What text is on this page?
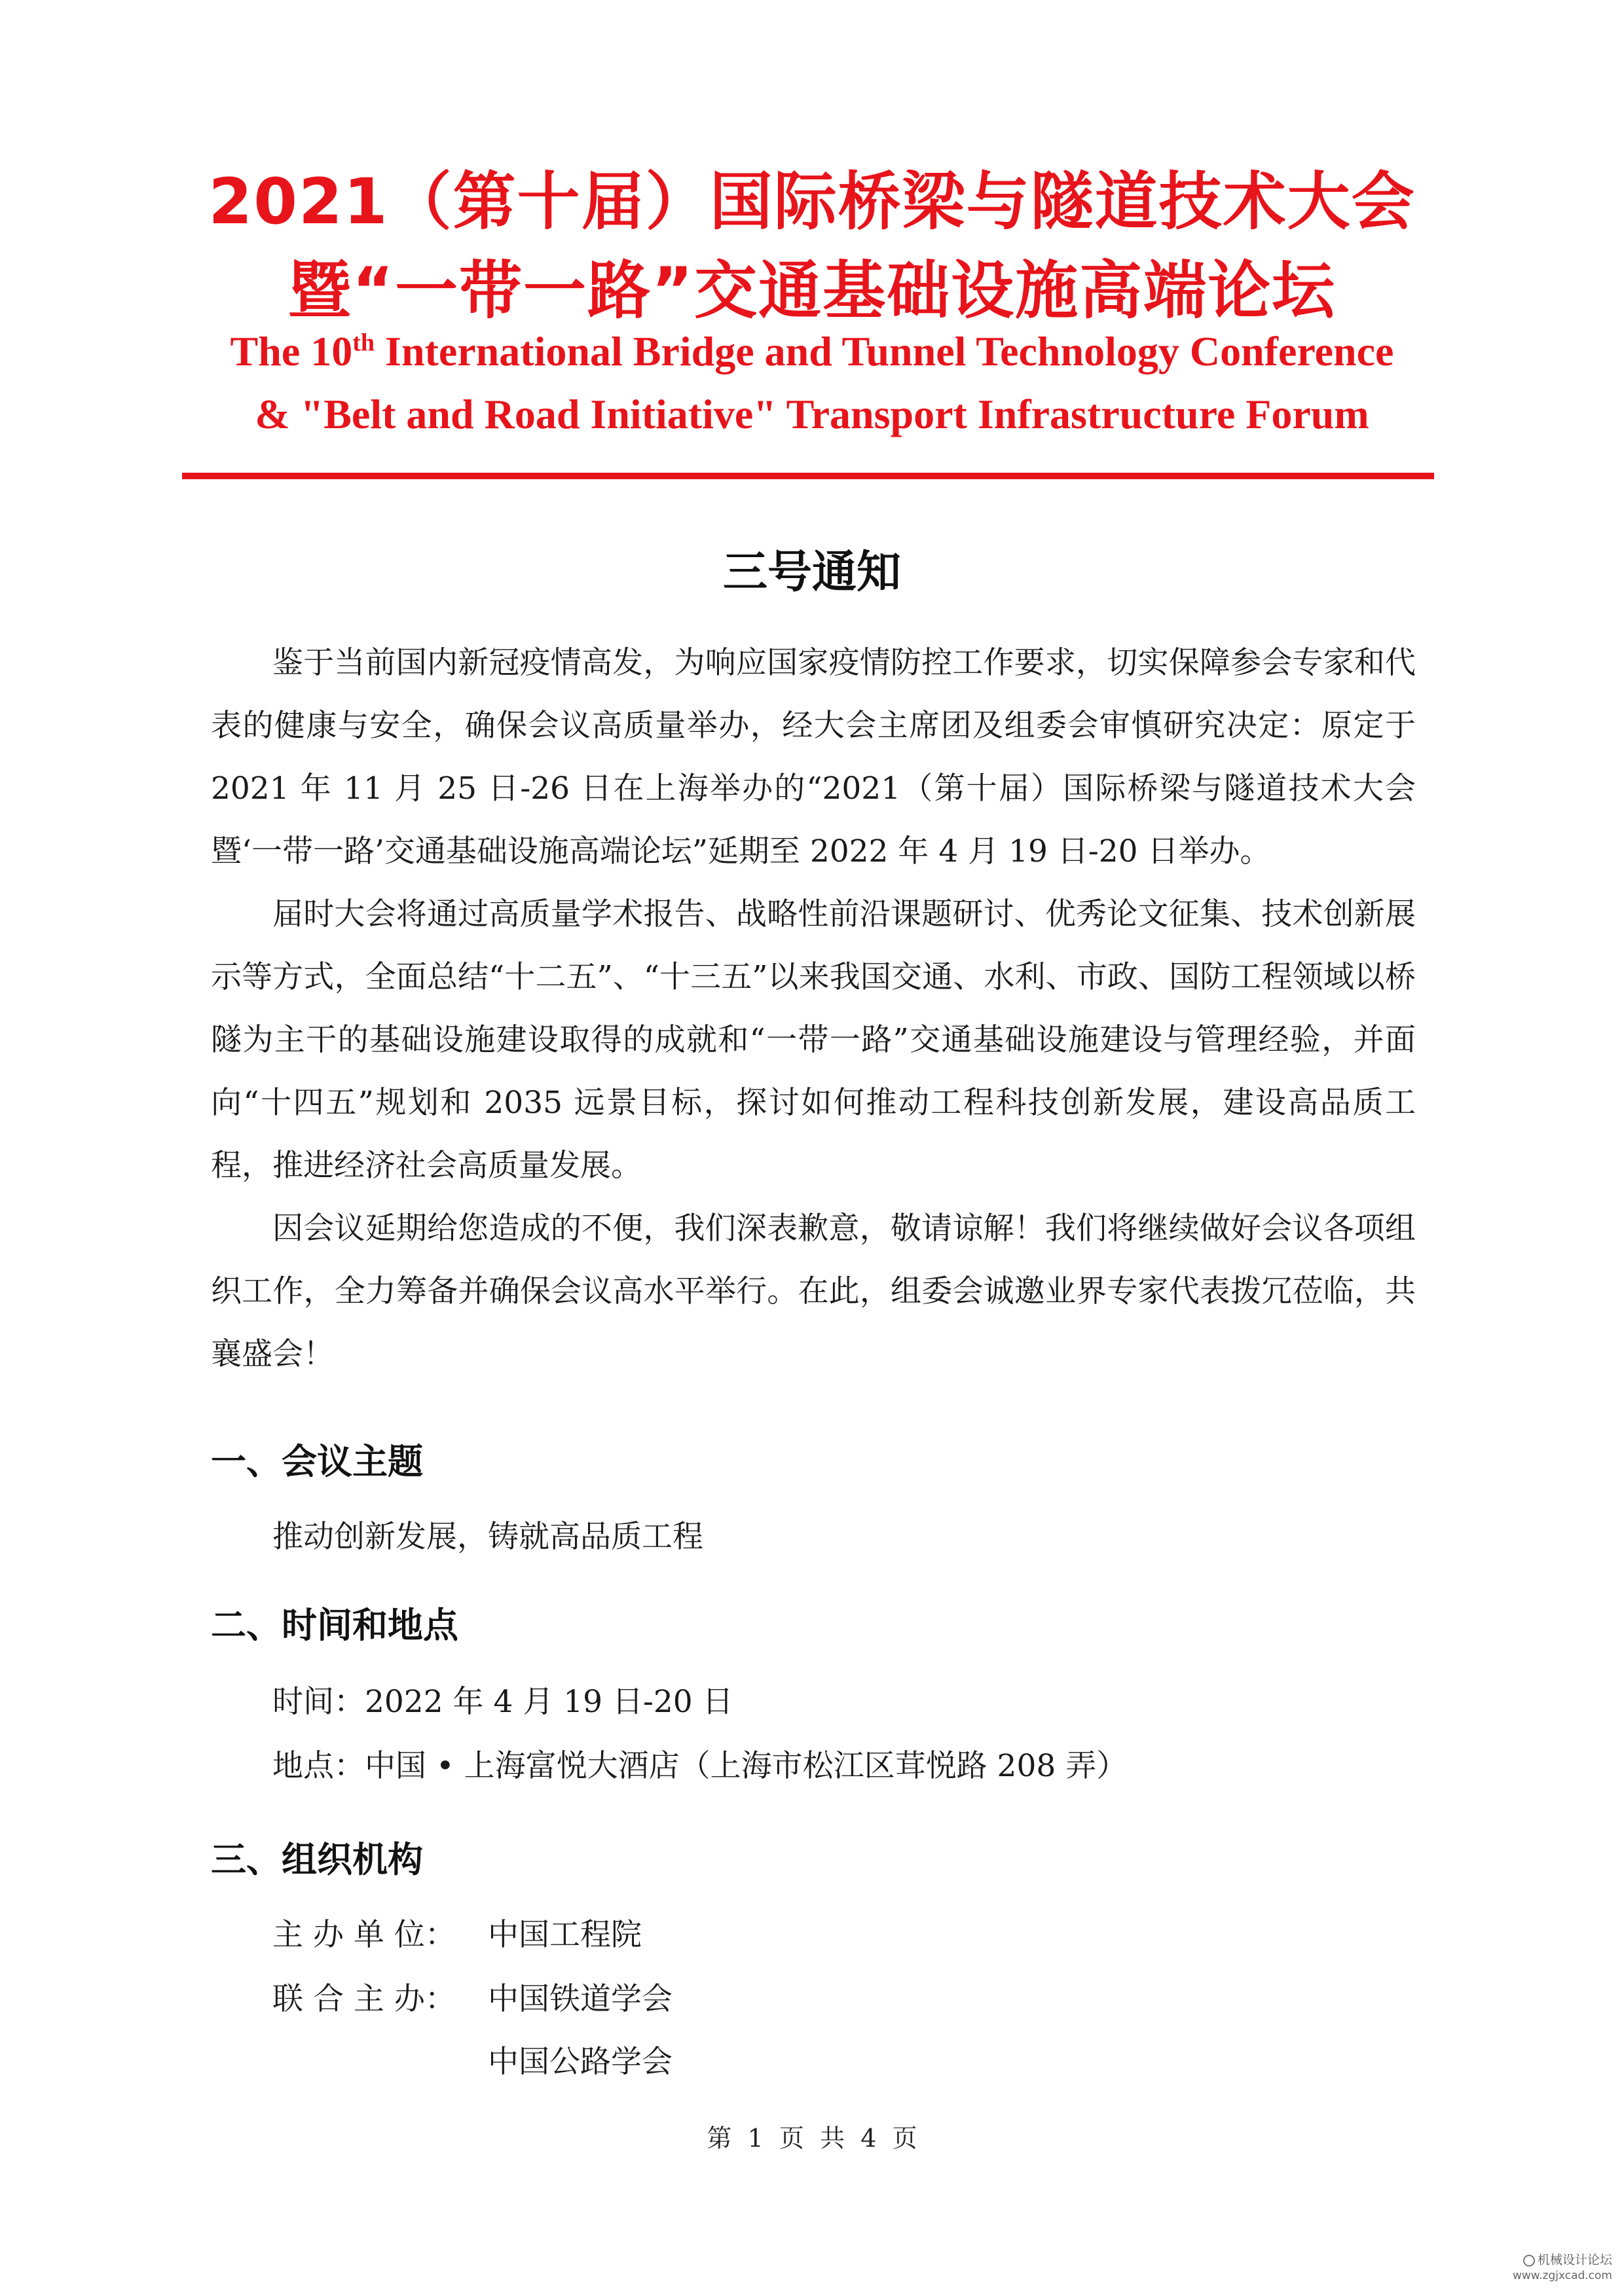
2021（第十届）国际桥梁与隧道技术大会
暨“一带一路”交通基础设施高端论坛
The 10th International Bridge and Tunnel Technology Conference
& "Belt and Road Initiative" Transport Infrastructure Forum
三号通知

鉴于当前国内新冠疫情高发，为响应国家疫情防控工作要求，切实保障参会专家和代表的健康与安全，确保会议高质量举办，经大会主席团及组委会审慎研究决定：原定于 2021 年 11 月 25 日-26 日在上海举办的“2021（第十届）国际桥梁与隧道技术大会暨‘一带一路’交通基础设施高端论坛”延期至 2022 年 4 月 19 日-20 日举办。

届时大会将通过高质量学术报告、战略性前沿课题研讨、优秀论文征集、技术创新展示等方式，全面总结“十二五”、“十三五”以来我国交通、水利、市政、国防工程领域以桥隧为主干的基础设施建设取得的成就和“一带一路”交通基础设施建设与管理经验，并面向“十四五”规划和 2035 远景目标，探讨如何推动工程科技创新发展，建设高品质工程，推进经济社会高质量发展。

因会议延期给您造成的不便，我们深表歉意，敬请谅解！我们将继续做好会议各项组织工作，全力筹备并确保会议高水平举行。在此，组委会诚邀业界专家代表拨冗莅临，共襄盛会！

一、会议主题
推动创新发展，铸就高品质工程
二、时间和地点
时间：2022 年 4 月 19 日-20 日
地点：中国 • 上海富悦大酒店（上海市松江区茸悦路 208 弄）
三、组织机构
主 办 单 位： 中国工程院
联 合 主 办： 中国铁道学会
中国公路学会
第  1  页  共  4  页
机械设计论坛
www.zgjxcad.com
